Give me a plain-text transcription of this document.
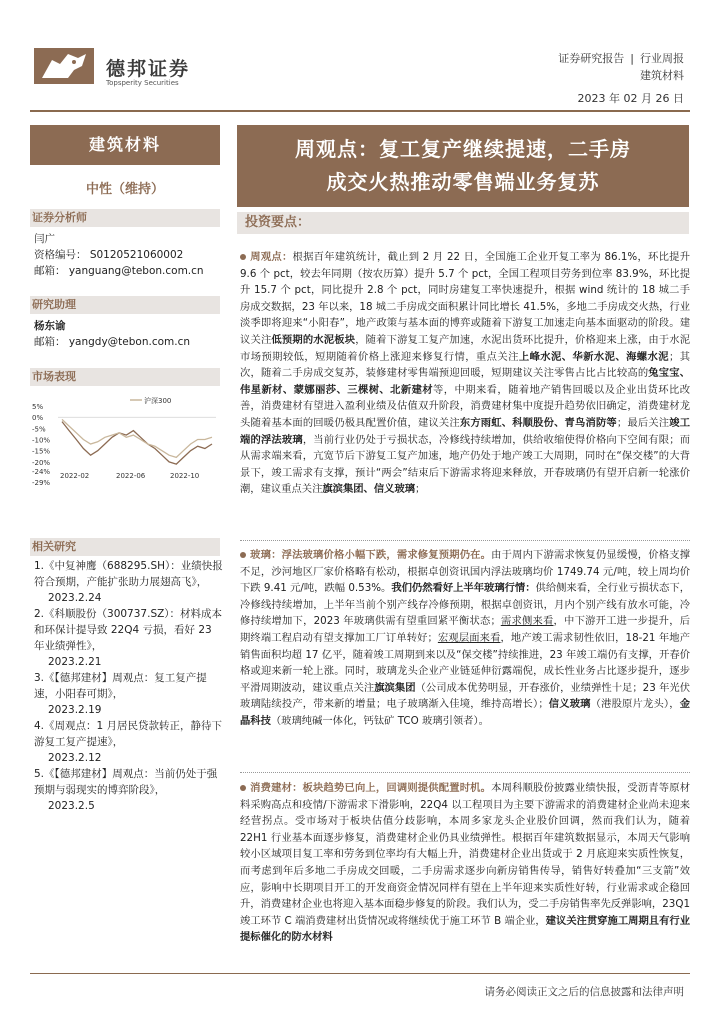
德邦证券
Topsperity Securities
证券研究报告 | 行业周报
建筑材料
2023 年 02 月 26 日
建筑材料
中性（维持）
证券分析师
闫广
资格编号： S0120521060002
邮箱： yanguang@tebon.com.cn
研究助理
杨东谕
邮箱： yangdy@tebon.com.cn
市场表现
5%
0%
-5%
-10%
-15%
-20%
-24%
-29%
2022-02	2022-06	2022-10
沪深300
相关研究

1.《中复神鹰（688295.SH）：业绩快报符合预期，产能扩张助力展翅高飞》，
2023.2.24

2.《科顺股份（300737.SZ）：材料成本和环保计提导致 22Q4 亏损，看好 23 年业绩弹性》，
2023.2.21

3.《【德邦建材】周观点：复工复产提速，小阳春可期》，
2023.2.19

4.《周观点：1 月居民贷款转正，静待下游复工复产提速》，
2023.2.12

5.《【德邦建材】周观点：当前仍处于强预期与弱现实的博弈阶段》，
2023.2.5

周观点：复工复产继续提速，二手房
成交火热推动零售端业务复苏
投资要点：

周观点：根据百年建筑统计，截止到 2 月 22 日，全国施工企业开复工率为 86.1%，环比提升 9.6 个 pct，较去年同期（按农历算）提升 5.7 个 pct，全国工程项目劳务到位率 83.9%，环比提升 15.7 个 pct，同比提升 2.8 个 pct，同时房建复工率快速提升，根据 wind 统计的 18 城二手房成交数据，23 年以来，18 城二手房成交面积累计同比增长 41.5%，多地二手房成交火热，行业淡季即将迎来“小阳春”，地产政策与基本面的博弈或随着下游复工加速走向基本面驱动的阶段。建议关注低预期的水泥板块，随着下游复工复产加速，水泥出货环比提升，价格迎来上涨，由于水泥市场预期较低，短期随着价格上涨迎来修复行情，重点关注上峰水泥、华新水泥、海螺水泥；其次，随着二手房成交复苏，装修建材零售端预迎回暖，短期建议关注零售占比占比较高的兔宝宝、伟星新材、蒙娜丽莎、三棵树、北新建材等，中期来看，随着地产销售回暖以及企业出货环比改善，消费建材有望进入盈利业绩及估值双升阶段，消费建材集中度提升趋势依旧确定，消费建材龙头随着基本面的回暖仍极具配置价值，建议关注东方雨虹、科顺股份、青鸟消防等；最后关注竣工端的浮法玻璃，当前行业仍处于亏损状态，冷修线持续增加，供给收缩使得价格向下空间有限；而从需求端来看，亢宽节后下游复工复产加速，地产仍处于地产竣工大周期，同时在“保交楼”的大背景下，竣工需求有支撑，预计“两会”结束后下游需求将迎来释放，开春玻璃仍有望开启新一轮涨价潮，建议重点关注旗滨集团、信义玻璃；

玻璃：浮法玻璃价格小幅下跌，需求修复预期仍在。由于周内下游需求恢复仍显缓慢，价格支撑不足，沙河地区厂家价格略有松动，根据卓创资讯国内浮法玻璃均价 1749.74 元/吨，较上周均价下跌 9.41 元/吨，跌幅 0.53%。我们仍然看好上半年玻璃行情：供给侧来看，全行业亏损状态下，冷修线持续增加，上半年当前个别产线存冷修预期，根据卓创资讯，月内个别产线有放水可能，冷修持续增加下，2023 年玻璃供需有望重回紧平衡状态；需求侧来看，中下游开工进一步提升，后期终端工程启动有望支撑加工厂订单转好；宏观层面来看，地产竣工需求韧性依旧，18-21 年地产销售面积均超 17 亿平，随着竣工周期到来以及“保交楼”持续推进，23 年竣工端仍有支撑，开春价格或迎来新一轮上涨。同时，玻璃龙头企业产业链延伸衍露端倪，成长性业务占比逐步提升，逐步平滑周期波动，建议重点关注旗滨集团（公司成本优势明显，开春涨价，业绩弹性十足；23 年光伏玻璃陆续投产，带来新的增量；电子玻璃渐入佳境，维持高增长）；信义玻璃（港股原片龙头），金晶科技（玻璃纯碱一体化，钙钛矿 TCO 玻璃引领者）。

消费建材：板块趋势已向上，回调则提供配置时机。本周科顺股份披露业绩快报，受沥青等原材料采购高点和疫情/下游需求下滑影响，22Q4 以工程项目为主要下游需求的消费建材企业尚未迎来经营拐点。受市场对于板块估值分歧影响，本周多家龙头企业股价回调，然而我们认为，随着 22H1 行业基本面逐步修复，消费建材企业仍具业绩弹性。根据百年建筑数据显示，本周天气影响较小区域项目复工率和劳务到位率均有大幅上升，消费建材企业出货或于 2 月底迎来实质性恢复，而考虑到年后多地二手房成交回暖，二手房需求逐步向新房销售传导，销售好转叠加“三支箭”效应，影响中长期项目开工的开发商资金情况同样有望在上半年迎来实质性好转，行业需求或企稳回升，消费建材企业也将迎入基本面稳步修复的阶段。我们认为，受二手房销售率先反弹影响，23Q1 竣工环节 C 端消费建材出货情况或将继续优于施工环节 B 端企业，建议关注贯穿施工周期且有行业提标催化的防水材料

请务必阅读正文之后的信息披露和法律声明
